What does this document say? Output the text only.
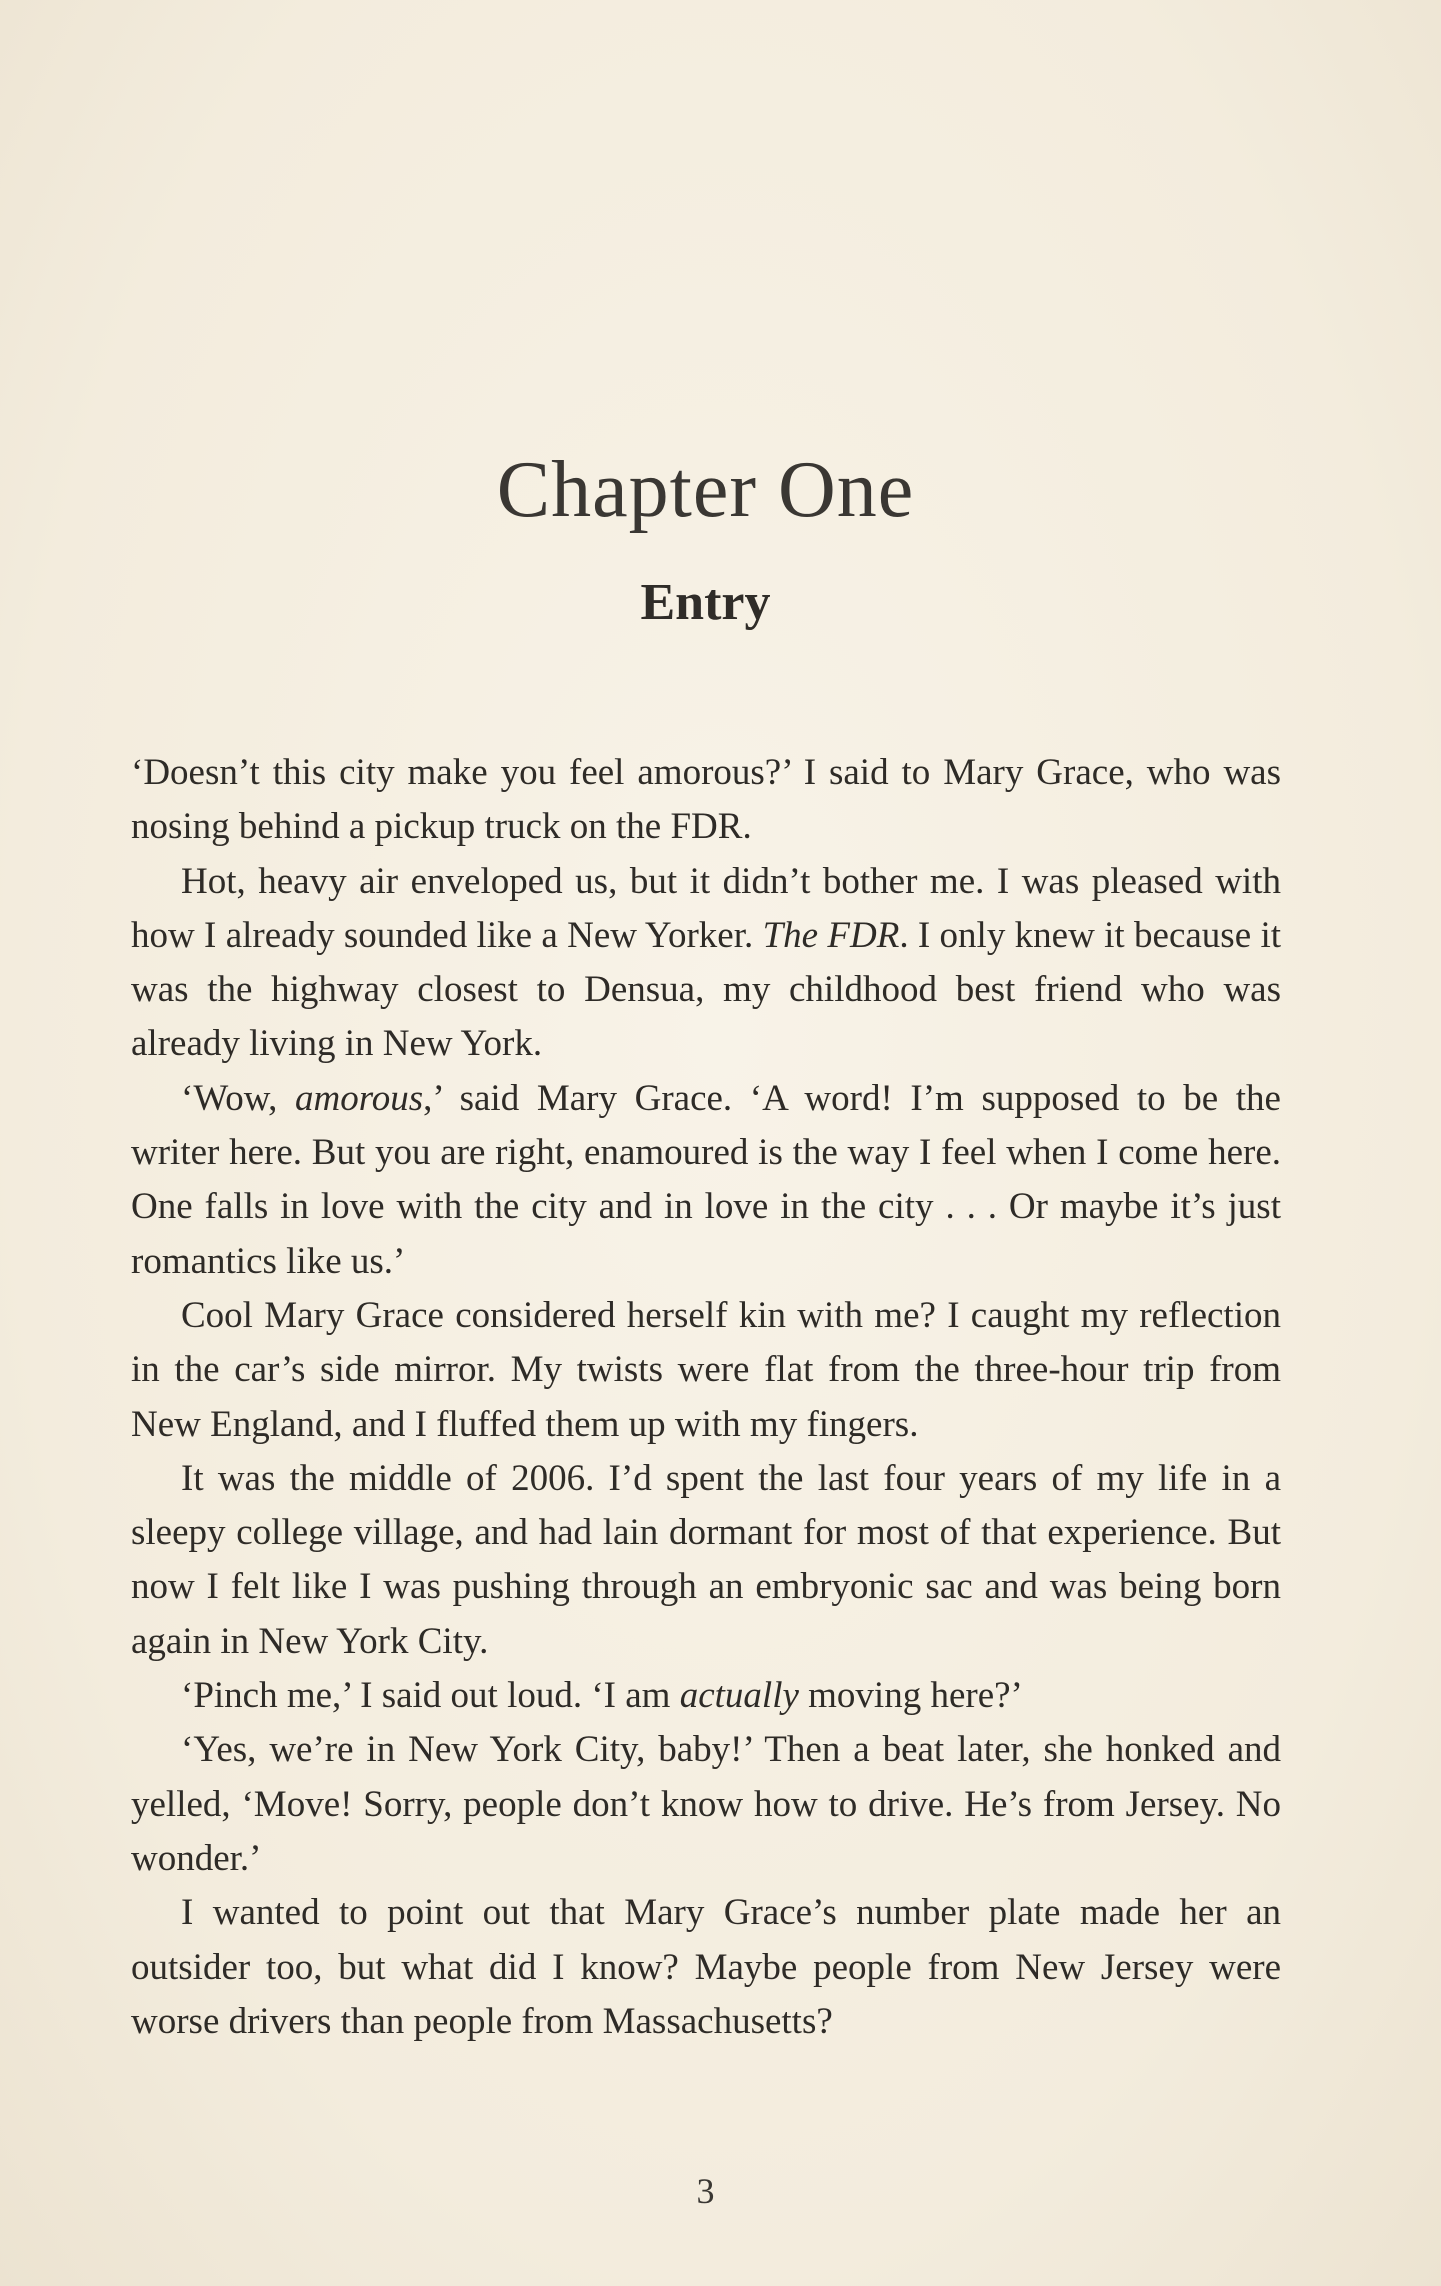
Chapter One
Entry

‘Doesn’t this city make you feel amorous?’ I said to Mary Grace, who was nosing behind a pickup truck on the FDR.

Hot, heavy air enveloped us, but it didn’t bother me. I was pleased with how I already sounded like a New Yorker. The FDR. I only knew it because it was the highway closest to Densua, my childhood best friend who was already living in New York.

‘Wow, amorous,’ said Mary Grace. ‘A word! I’m supposed to be the writer here. But you are right, enamoured is the way I feel when I come here. One falls in love with the city and in love in the city . . . Or maybe it’s just romantics like us.’

Cool Mary Grace considered herself kin with me? I caught my reflection in the car’s side mirror. My twists were flat from the three-hour trip from New England, and I fluffed them up with my fingers.

It was the middle of 2006. I’d spent the last four years of my life in a sleepy college village, and had lain dormant for most of that experience. But now I felt like I was pushing through an embryonic sac and was being born again in New York City.

‘Pinch me,’ I said out loud. ‘I am actually moving here?’

‘Yes, we’re in New York City, baby!’ Then a beat later, she honked and yelled, ‘Move! Sorry, people don’t know how to drive. He’s from Jersey. No wonder.’

I wanted to point out that Mary Grace’s number plate made her an outsider too, but what did I know? Maybe people from New Jersey were worse drivers than people from Massachusetts?

3
